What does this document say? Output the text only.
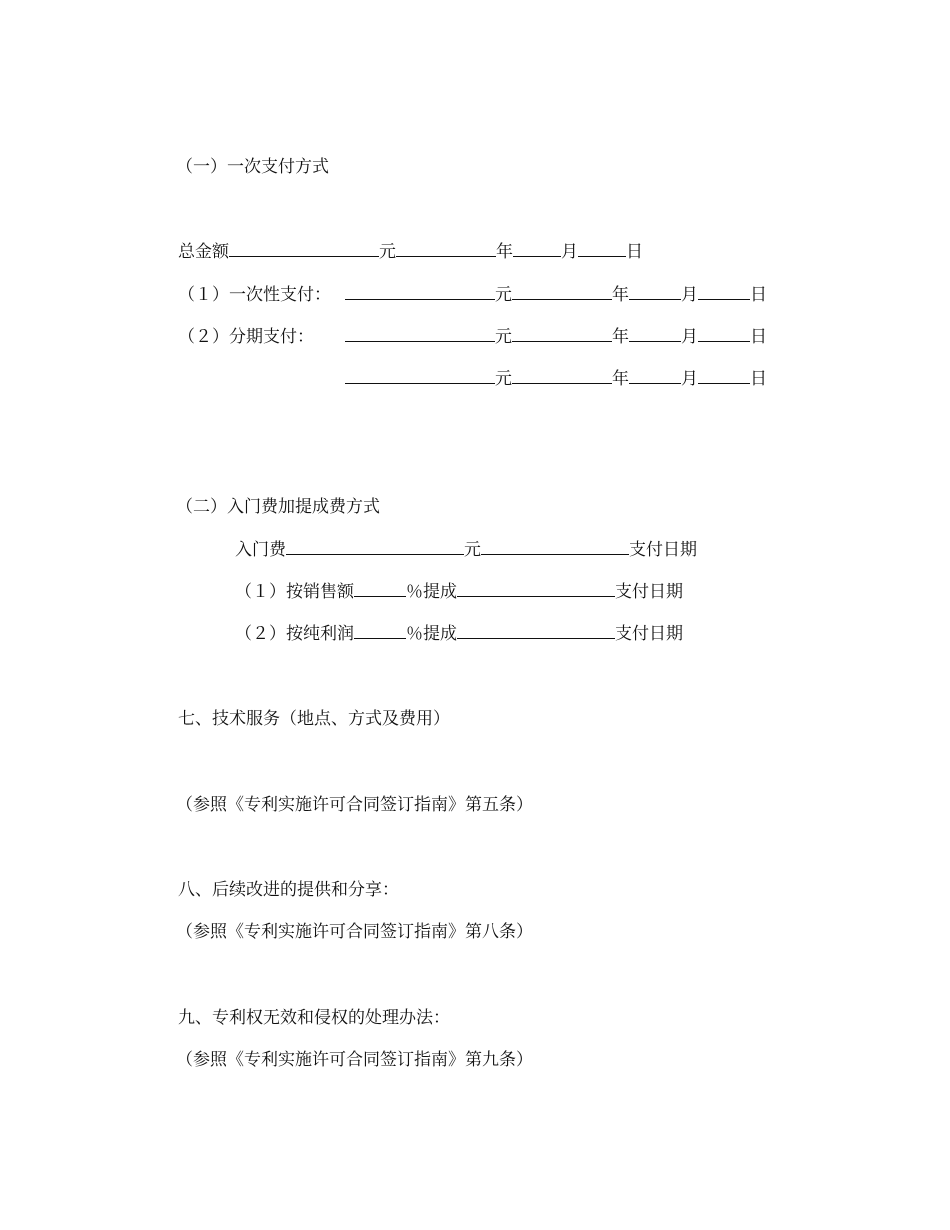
（一）一次支付方式
总金额	元	年	月	日
（１）一次性支付：	元	年	月	日
（２）分期支付：	元	年	月	日
元	年	月	日
（二）入门费加提成费方式
入门费	元	支付日期
（１）按销售额	％提成	支付日期
（２）按纯利润	％提成	支付日期
七、技术服务（地点、方式及费用）
（参照《专利实施许可合同签订指南》第五条）
八、后续改进的提供和分享：
（参照《专利实施许可合同签订指南》第八条）
九、专利权无效和侵权的处理办法：
（参照《专利实施许可合同签订指南》第九条）
